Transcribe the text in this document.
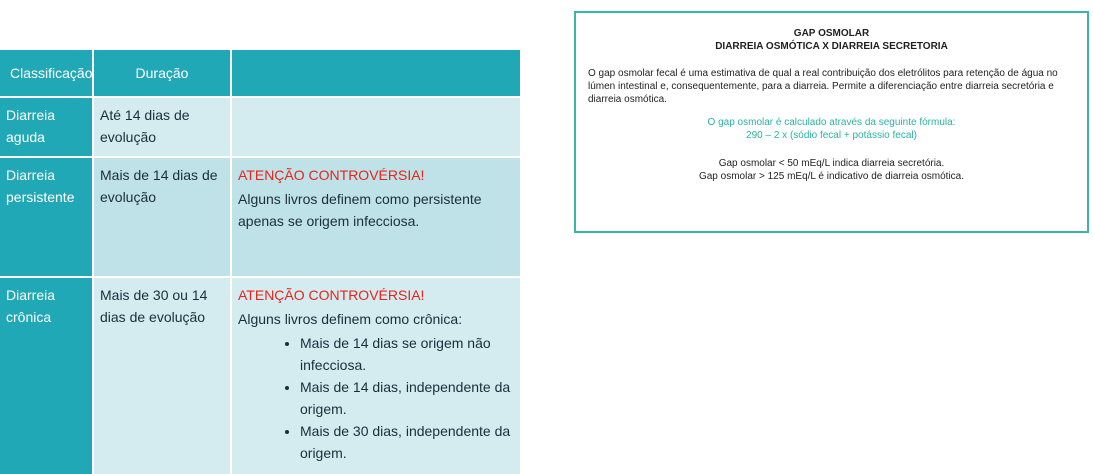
Classificação	Duração
Diarreia aguda
Até 14 dias de evolução
Diarreia persistente
Mais de 14 dias de evolução
ATENÇÃO CONTROVÉRSIA!
Alguns livros definem como persistente apenas se origem infecciosa.
Diarreia crônica
Mais de 30 ou 14 dias de evolução
ATENÇÃO CONTROVÉRSIA!
Alguns livros definem como crônica:
• Mais de 14 dias se origem não infecciosa.
• Mais de 14 dias, independente da origem.
• Mais de 30 dias, independente da origem.
GAP OSMOLAR
DIARREIA OSMÓTICA X DIARREIA SECRETORIA
O gap osmolar fecal é uma estimativa de qual a real contribuição dos eletrólitos para retenção de água no lúmen intestinal e, consequentemente, para a diarreia. Permite a diferenciação entre diarreia secretória e diarreia osmótica.
O gap osmolar é calculado através da seguinte fórmula:
290 – 2 x (sódio fecal + potássio fecal)
Gap osmolar < 50 mEq/L indica diarreia secretória.
Gap osmolar > 125 mEq/L é indicativo de diarreia osmótica.
